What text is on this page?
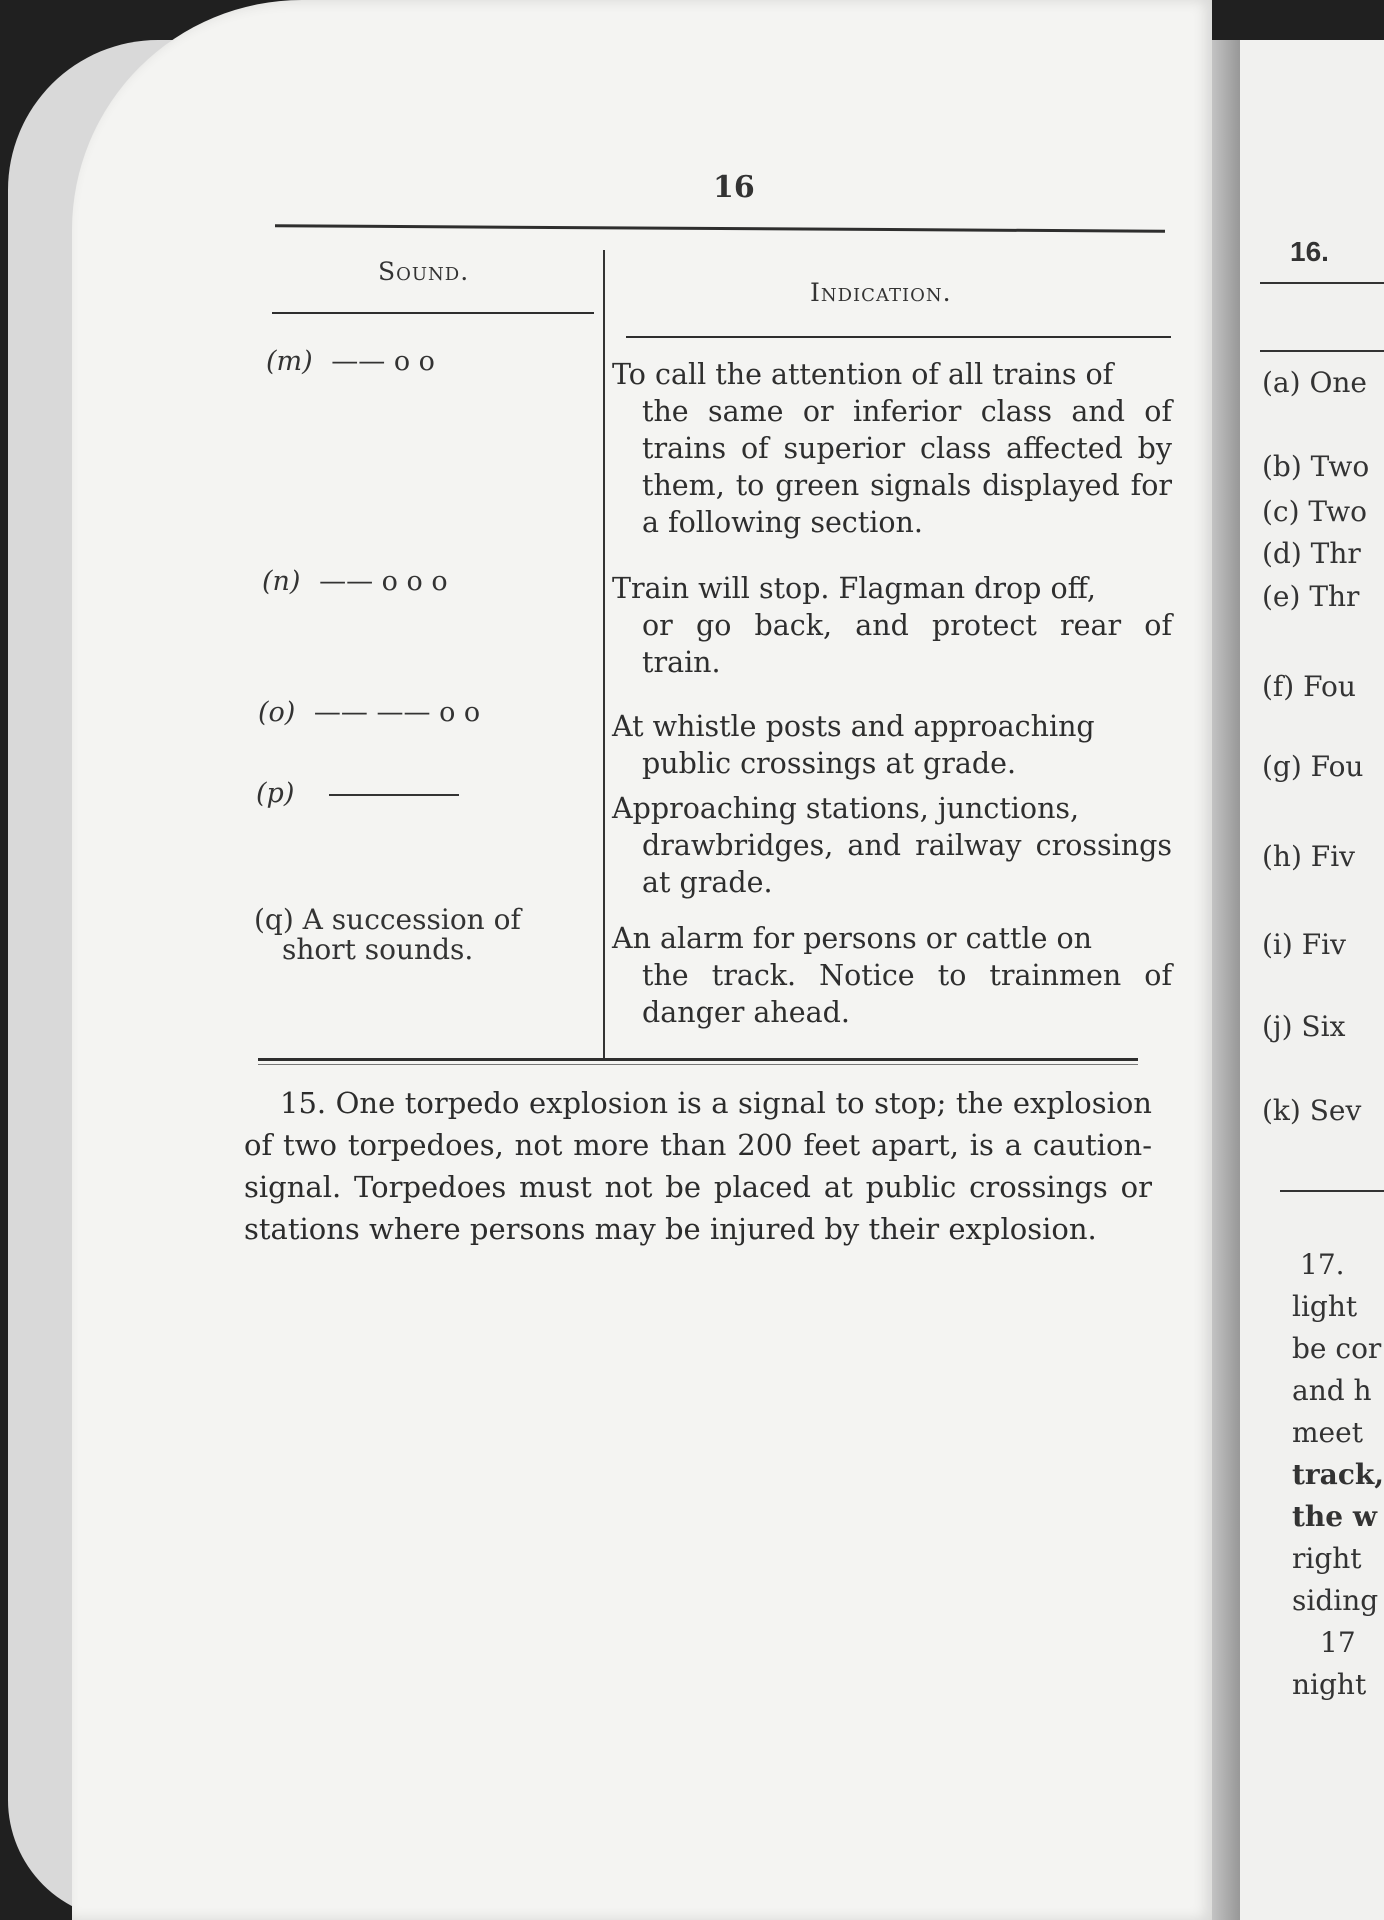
16
Sound.
Indication.
(m) —— o o
(n) —— o o o
(o) —— —— o o
(p)
(q) A succession of
short sounds.
To call the attention of all trains of
the same or inferior class and of trains of superior class affected by them, to green signals displayed for a following section.
Train will stop. Flagman drop off,
or go back, and protect rear of train.
At whistle posts and approaching
public crossings at grade.
Approaching stations, junctions,
drawbridges, and railway crossings at grade.
An alarm for persons or cattle on
the track. Notice to trainmen of danger ahead.
15. One torpedo explosion is a signal to stop; the explosion of two torpedoes, not more than 200 feet apart, is a caution-signal. Torpedoes must not be placed at public crossings or stations where persons may be injured by their explosion.
16.
(a) One
(b) Two
(c) Two
(d) Thr
(e) Thr
(f) Fou
(g) Fou
(h) Fiv
(i) Fiv
(j) Six
(k) Sev
17.
light
be cor
and h
meet
track,
the w
right
siding
17
night
